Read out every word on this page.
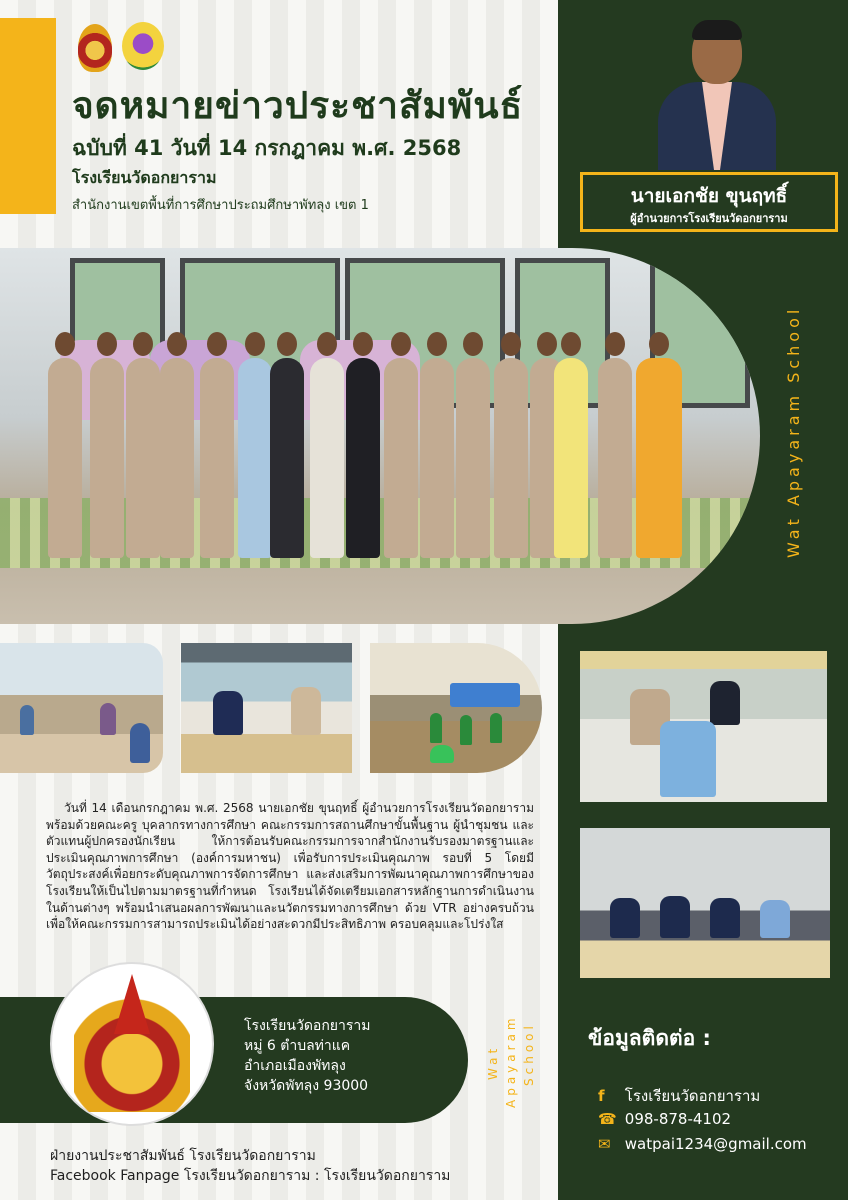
จดหมายข่าวประชาสัมพันธ์
ฉบับที่ 41 วันที่ 14 กรกฎาคม พ.ศ. 2568
โรงเรียนวัดอกยาราม
สำนักงานเขตพื้นที่การศึกษาประถมศึกษาพัทลุง เขต 1	นายเอกชัย ขุนฤทธิ์
ผู้อำนวยการโรงเรียนวัดอกยาราม
Wat Apayaram School

วันที่ 14 เดือนกรกฎาคม พ.ศ. 2568 นายเอกชัย ขุนฤทธิ์ ผู้อำนวยการโรงเรียนวัดอกยาราม พร้อมด้วยคณะครู บุคลากรทางการศึกษา คณะกรรมการสถานศึกษาขั้นพื้นฐาน ผู้นำชุมชน และตัวแทนผู้ปกครองนักเรียน ให้การต้อนรับคณะกรรมการจากสำนักงานรับรองมาตรฐานและประเมินคุณภาพการศึกษา (องค์การมหาชน) เพื่อรับการประเมินคุณภาพ รอบที่ 5 โดยมีวัตถุประสงค์เพื่อยกระดับคุณภาพการจัดการศึกษา และส่งเสริมการพัฒนาคุณภาพการศึกษาของโรงเรียนให้เป็นไปตามมาตรฐานที่กำหนด โรงเรียนได้จัดเตรียมเอกสารหลักฐานการดำเนินงานในด้านต่างๆ พร้อมนำเสนอผลการพัฒนาและนวัตกรรมทางการศึกษา ด้วย VTR อย่างครบถ้วน เพื่อให้คณะกรรมการสามารถประเมินได้อย่างสะดวกมีประสิทธิภาพ ครอบคลุมและโปร่งใส

โรงเรียนวัดอกยาราม
หมู่ 6 ตำบลท่าแค
อำเภอเมืองพัทลุง
จังหวัดพัทลุง 93000
Wat Apayaram School
ฝ่ายงานประชาสัมพันธ์ โรงเรียนวัดอกยาราม
Facebook Fanpage โรงเรียนวัดอกยาราม : โรงเรียนวัดอกยาราม
ข้อมูลติดต่อ :
f โรงเรียนวัดอกยาราม
☎ 098-878-4102
✉ watpai1234@gmail.com
